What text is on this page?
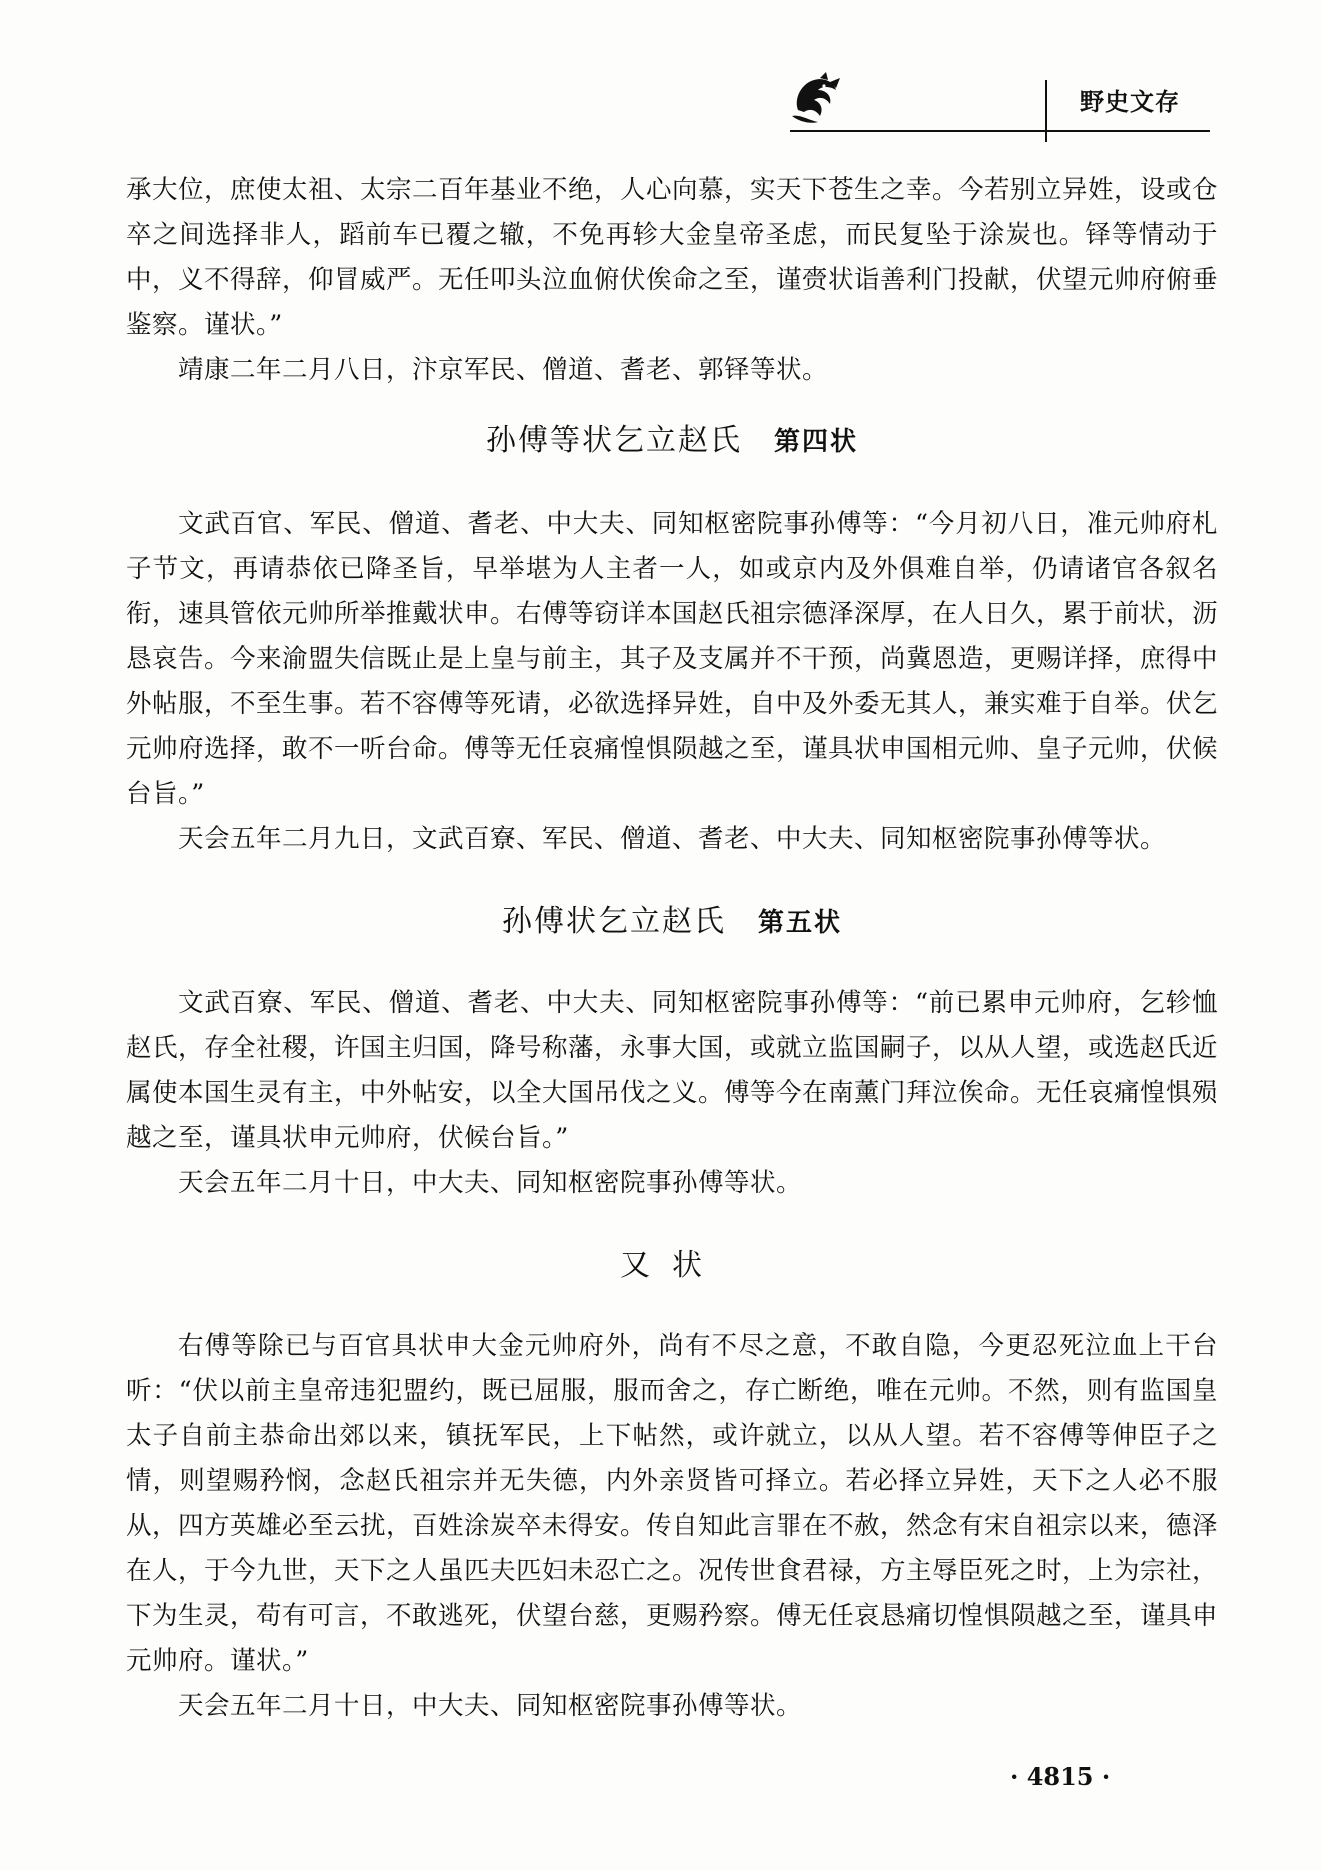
野史文存

承大位，庶使太祖、太宗二百年基业不绝，人心向慕，实天下苍生之幸。今若别立异姓，设或仓卒之间选择非人，蹈前车已覆之辙，不免再轸大金皇帝圣虑，而民复坠于涂炭也。铎等情动于中，义不得辞，仰冒威严。无任叩头泣血俯伏俟命之至，谨赍状诣善利门投献，伏望元帅府俯垂鉴察。谨状。”

靖康二年二月八日，汴京军民、僧道、耆老、郭铎等状。

孙傅等状乞立赵氏 第四状

文武百官、军民、僧道、耆老、中大夫、同知枢密院事孙傅等：“今月初八日，准元帅府札子节文，再请恭依已降圣旨，早举堪为人主者一人，如或京内及外俱难自举，仍请诸官各叙名衔，速具管依元帅所举推戴状申。右傅等窃详本国赵氏祖宗德泽深厚，在人日久，累于前状，沥恳哀告。今来渝盟失信既止是上皇与前主，其子及支属并不干预，尚冀恩造，更赐详择，庶得中外帖服，不至生事。若不容傅等死请，必欲选择异姓，自中及外委无其人，兼实难于自举。伏乞元帅府选择，敢不一听台命。傅等无任哀痛惶惧陨越之至，谨具状申国相元帅、皇子元帅，伏候台旨。”

天会五年二月九日，文武百寮、军民、僧道、耆老、中大夫、同知枢密院事孙傅等状。

孙傅状乞立赵氏 第五状

文武百寮、军民、僧道、耆老、中大夫、同知枢密院事孙傅等：“前已累申元帅府，乞轸恤赵氏，存全社稷，许国主归国，降号称藩，永事大国，或就立监国嗣子，以从人望，或选赵氏近属使本国生灵有主，中外帖安，以全大国吊伐之义。傅等今在南薰门拜泣俟命。无任哀痛惶惧殒越之至，谨具状申元帅府，伏候台旨。”

天会五年二月十日，中大夫、同知枢密院事孙傅等状。

又状

右傅等除已与百官具状申大金元帅府外，尚有不尽之意，不敢自隐，今更忍死泣血上干台听：“伏以前主皇帝违犯盟约，既已屈服，服而舍之，存亡断绝，唯在元帅。不然，则有监国皇太子自前主恭命出郊以来，镇抚军民，上下帖然，或许就立，以从人望。若不容傅等伸臣子之情，则望赐矜悯，念赵氏祖宗并无失德，内外亲贤皆可择立。若必择立异姓，天下之人必不服从，四方英雄必至云扰，百姓涂炭卒未得安。传自知此言罪在不赦，然念有宋自祖宗以来，德泽在人，于今九世，天下之人虽匹夫匹妇未忍亡之。况传世食君禄，方主辱臣死之时，上为宗社，下为生灵，苟有可言，不敢逃死，伏望台慈，更赐矜察。傅无任哀恳痛切惶惧陨越之至，谨具申元帅府。谨状。”

天会五年二月十日，中大夫、同知枢密院事孙傅等状。

· 4815 ·
